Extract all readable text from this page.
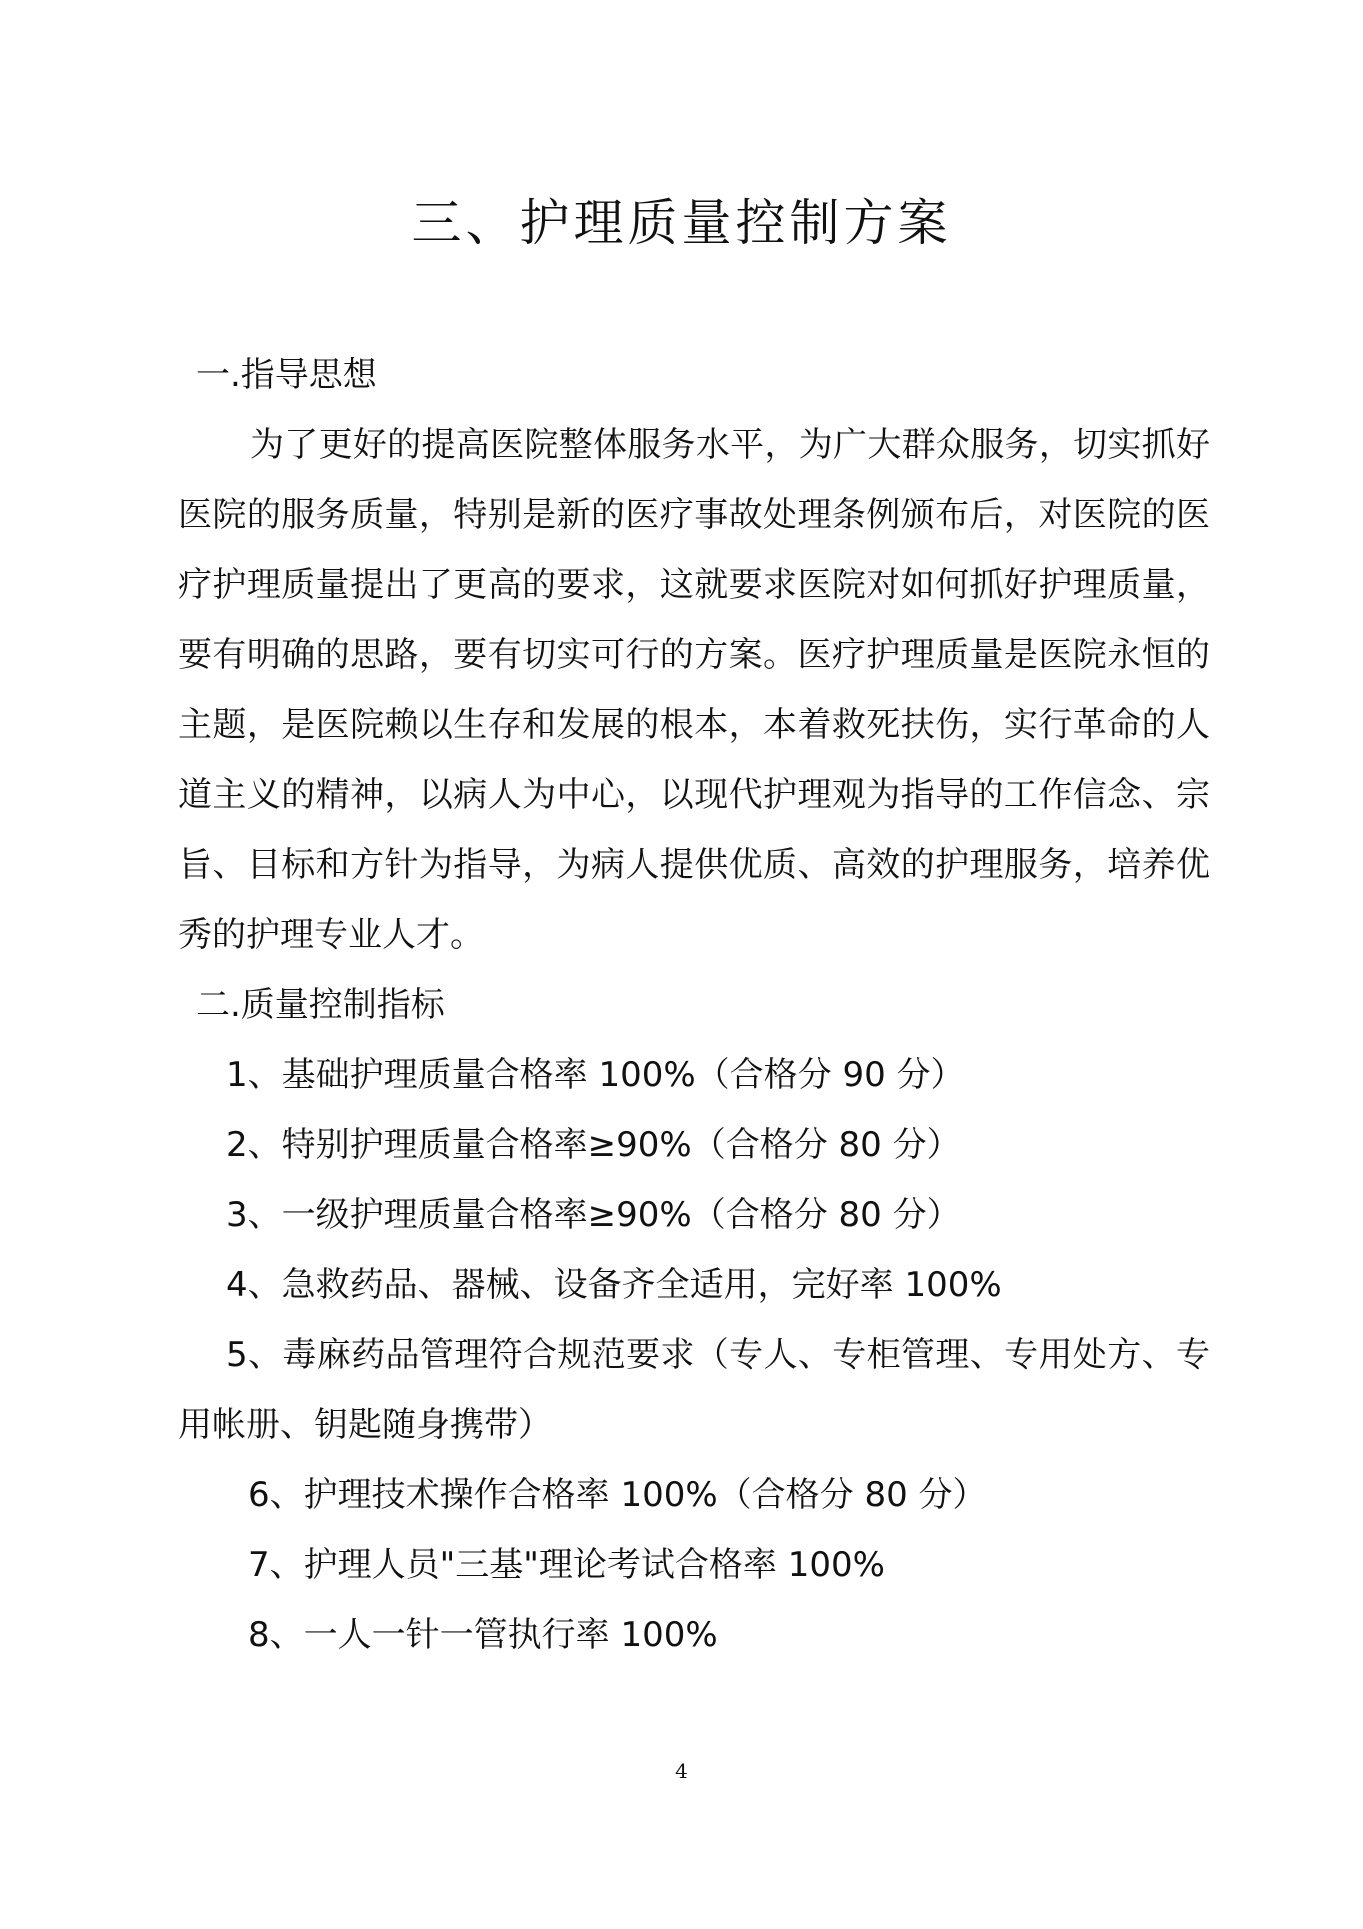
三、护理质量控制方案
一.指导思想
为了更好的提高医院整体服务水平，为广大群众服务，切实抓好
医院的服务质量，特别是新的医疗事故处理条例颁布后，对医院的医
疗护理质量提出了更高的要求，这就要求医院对如何抓好护理质量，
要有明确的思路，要有切实可行的方案。医疗护理质量是医院永恒的
主题，是医院赖以生存和发展的根本，本着救死扶伤，实行革命的人
道主义的精神，以病人为中心，以现代护理观为指导的工作信念、宗
旨、目标和方针为指导，为病人提供优质、高效的护理服务，培养优
秀的护理专业人才。
二.质量控制指标
1、基础护理质量合格率 100%（合格分 90 分）
2、特别护理质量合格率≥90%（合格分 80 分）
3、一级护理质量合格率≥90%（合格分 80 分）
4、急救药品、器械、设备齐全适用，完好率 100%
5、毒麻药品管理符合规范要求（专人、专柜管理、专用处方、专
用帐册、钥匙随身携带）
6、护理技术操作合格率 100%（合格分 80 分）
7、护理人员"三基"理论考试合格率 100%
8、一人一针一管执行率 100%
4
